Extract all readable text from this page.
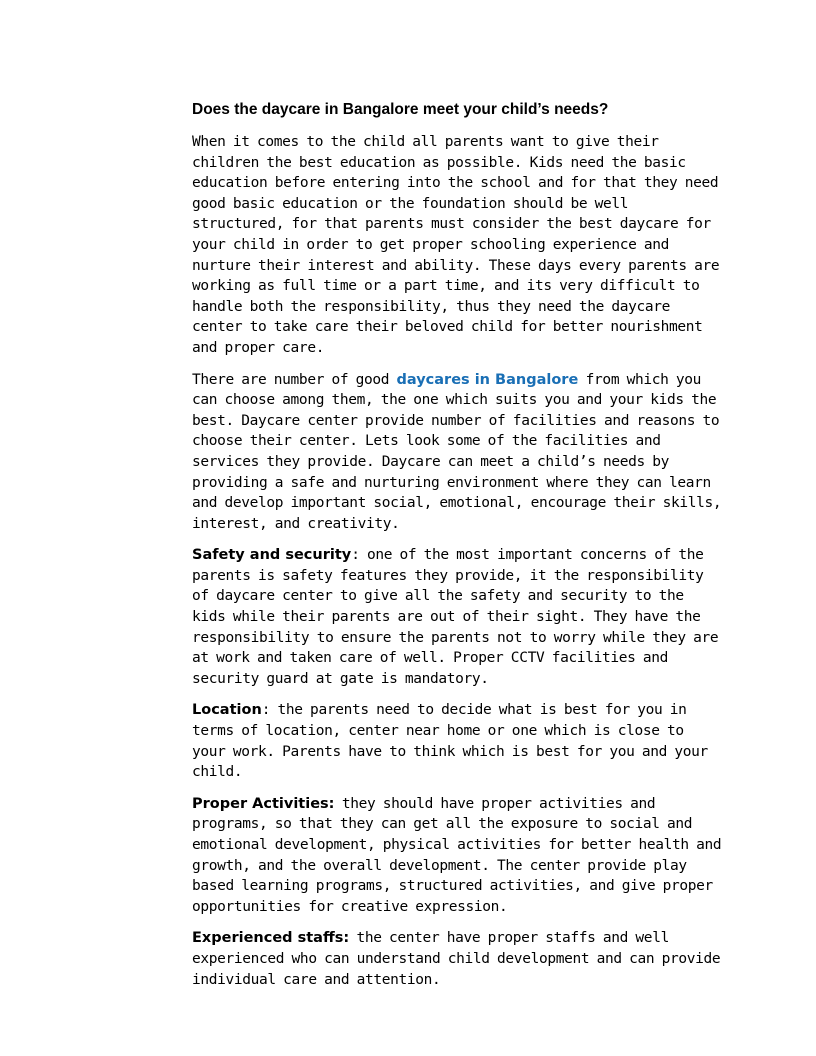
Does the daycare in Bangalore meet your child’s needs?

When it comes to the child all parents want to give their children the best education as possible. Kids need the basic education before entering into the school and for that they need good basic education or the foundation should be well structured, for that parents must consider the best daycare for your child in order to get proper schooling experience and nurture their interest and ability. These days every parents are working as full time or a part time, and its very difficult to handle both the responsibility, thus they need the daycare center to take care their beloved child for better nourishment and proper care.

There are number of good daycares in Bangalore from which you can choose among them, the one which suits you and your kids the best. Daycare center provide number of facilities and reasons to choose their center. Lets look some of the facilities and services they provide. Daycare can meet a child’s needs by providing a safe and nurturing environment where they can learn and develop important social, emotional, encourage their skills, interest, and creativity.

Safety and security: one of the most important concerns of the parents is safety features they provide, it the responsibility of daycare center to give all the safety and security to the kids while their parents are out of their sight. They have the responsibility to ensure the parents not to worry while they are at work and taken care of well. Proper CCTV facilities and security guard at gate is mandatory.

Location: the parents need to decide what is best for you in terms of location, center near home or one which is close to your work. Parents have to think which is best for you and your child.

Proper Activities: they should have proper activities and programs, so that they can get all the exposure to social and emotional development, physical activities for better health and growth, and the overall development. The center provide play based learning programs, structured activities, and give proper opportunities for creative expression.

Experienced staffs: the center have proper staffs and well experienced who can understand child development and can provide individual care and attention.
